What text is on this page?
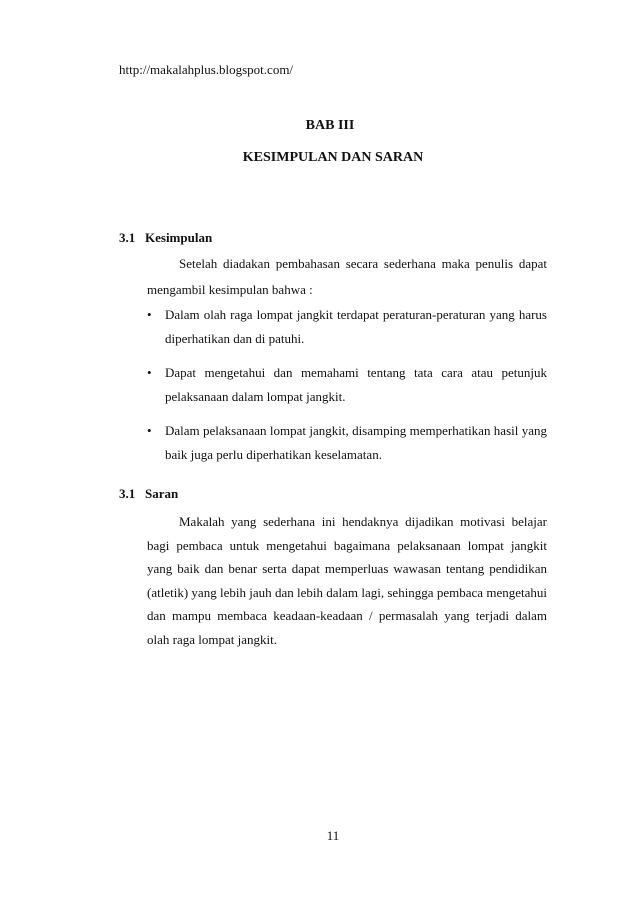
http://makalahplus.blogspot.com/
BAB III
KESIMPULAN DAN SARAN
3.1 Kesimpulan

Setelah diadakan pembahasan secara sederhana maka penulis dapat mengambil kesimpulan bahwa :

• Dalam olah raga lompat jangkit terdapat peraturan-peraturan yang harus diperhatikan dan di patuhi.
• Dapat mengetahui dan memahami tentang tata cara atau petunjuk pelaksanaan dalam lompat jangkit.
• Dalam pelaksanaan lompat jangkit, disamping memperhatikan hasil yang baik juga perlu diperhatikan keselamatan.
3.1 Saran

Makalah yang sederhana ini hendaknya dijadikan motivasi belajar bagi pembaca untuk mengetahui bagaimana pelaksanaan lompat jangkit yang baik dan benar serta dapat memperluas wawasan tentang pendidikan (atletik) yang lebih jauh dan lebih dalam lagi, sehingga pembaca mengetahui dan mampu membaca keadaan-keadaan / permasalah yang terjadi dalam olah raga lompat jangkit.

11
